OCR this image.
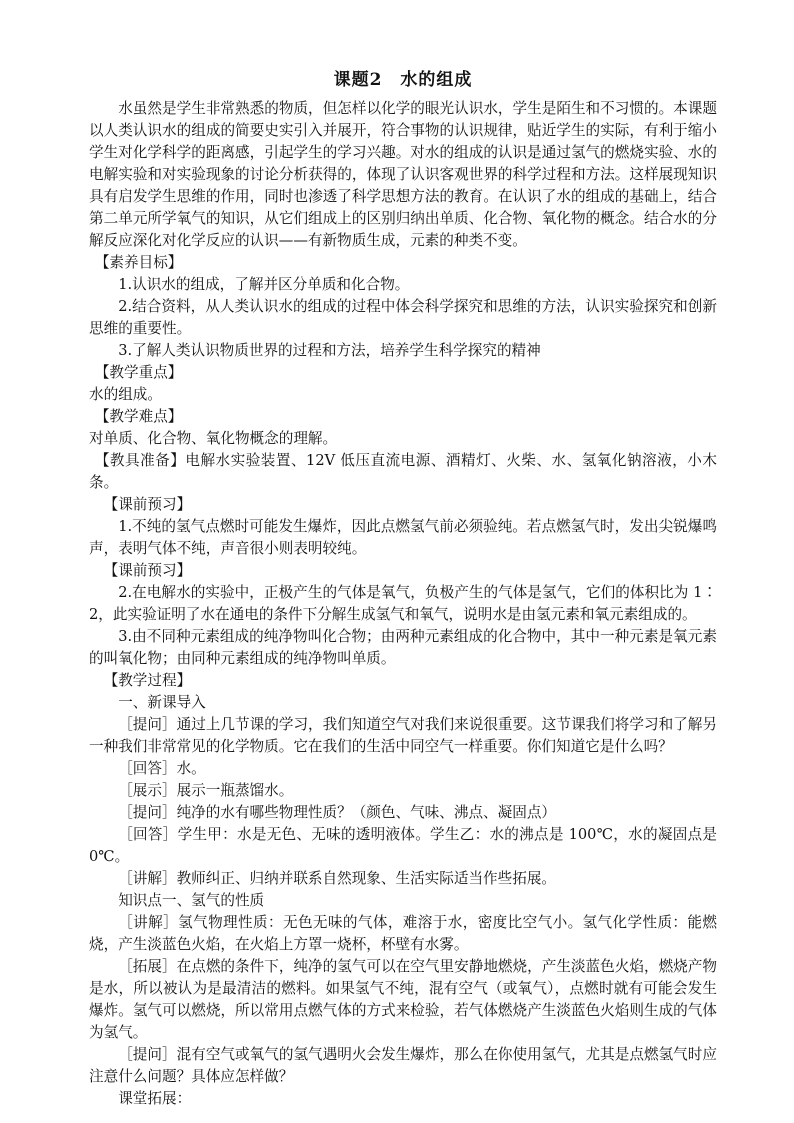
课题2　水的组成

水虽然是学生非常熟悉的物质，但怎样以化学的眼光认识水，学生是陌生和不习惯的。本课题以人类认识水的组成的简要史实引入并展开，符合事物的认识规律，贴近学生的实际，有利于缩小学生对化学科学的距离感，引起学生的学习兴趣。对水的组成的认识是通过氢气的燃烧实验、水的电解实验和对实验现象的讨论分析获得的，体现了认识客观世界的科学过程和方法。这样展现知识具有启发学生思维的作用，同时也渗透了科学思想方法的教育。在认识了水的组成的基础上，结合第二单元所学氧气的知识，从它们组成上的区别归纳出单质、化合物、氧化物的概念。结合水的分解反应深化对化学反应的认识——有新物质生成，元素的种类不变。

【素养目标】

1.认识水的组成，了解并区分单质和化合物。

2.结合资料，从人类认识水的组成的过程中体会科学探究和思维的方法，认识实验探究和创新思维的重要性。

3.了解人类认识物质世界的过程和方法，培养学生科学探究的精神

【教学重点】

水的组成。

【教学难点】

对单质、化合物、氧化物概念的理解。

【教具准备】电解水实验装置、12V 低压直流电源、酒精灯、火柴、水、氢氧化钠溶液，小木条。

【课前预习】

1.不纯的氢气点燃时可能发生爆炸，因此点燃氢气前必须验纯。若点燃氢气时，发出尖锐爆鸣声，表明气体不纯，声音很小则表明较纯。

【课前预习】

2.在电解水的实验中，正极产生的气体是氧气，负极产生的气体是氢气，它们的体积比为 1∶2，此实验证明了水在通电的条件下分解生成氢气和氧气，说明水是由氢元素和氧元素组成的。

3.由不同种元素组成的纯净物叫化合物；由两种元素组成的化合物中，其中一种元素是氧元素的叫氧化物；由同种元素组成的纯净物叫单质。

【教学过程】

一、新课导入

［提问］通过上几节课的学习，我们知道空气对我们来说很重要。这节课我们将学习和了解另一种我们非常常见的化学物质。它在我们的生活中同空气一样重要。你们知道它是什么吗？

［回答］水。

［展示］展示一瓶蒸馏水。

［提问］纯净的水有哪些物理性质？（颜色、气味、沸点、凝固点）

［回答］学生甲：水是无色、无味的透明液体。学生乙：水的沸点是 100℃，水的凝固点是 0℃。

［讲解］教师纠正、归纳并联系自然现象、生活实际适当作些拓展。

知识点一、氢气的性质

［讲解］氢气物理性质：无色无味的气体，难溶于水，密度比空气小。氢气化学性质：能燃烧，产生淡蓝色火焰，在火焰上方罩一烧杯，杯壁有水雾。

［拓展］在点燃的条件下，纯净的氢气可以在空气里安静地燃烧，产生淡蓝色火焰，燃烧产物是水，所以被认为是最清洁的燃料。如果氢气不纯，混有空气（或氧气），点燃时就有可能会发生爆炸。氢气可以燃烧，所以常用点燃气体的方式来检验，若气体燃烧产生淡蓝色火焰则生成的气体为氢气。

［提问］混有空气或氧气的氢气遇明火会发生爆炸，那么在你使用氢气，尤其是点燃氢气时应注意什么问题？具体应怎样做？

课堂拓展：
